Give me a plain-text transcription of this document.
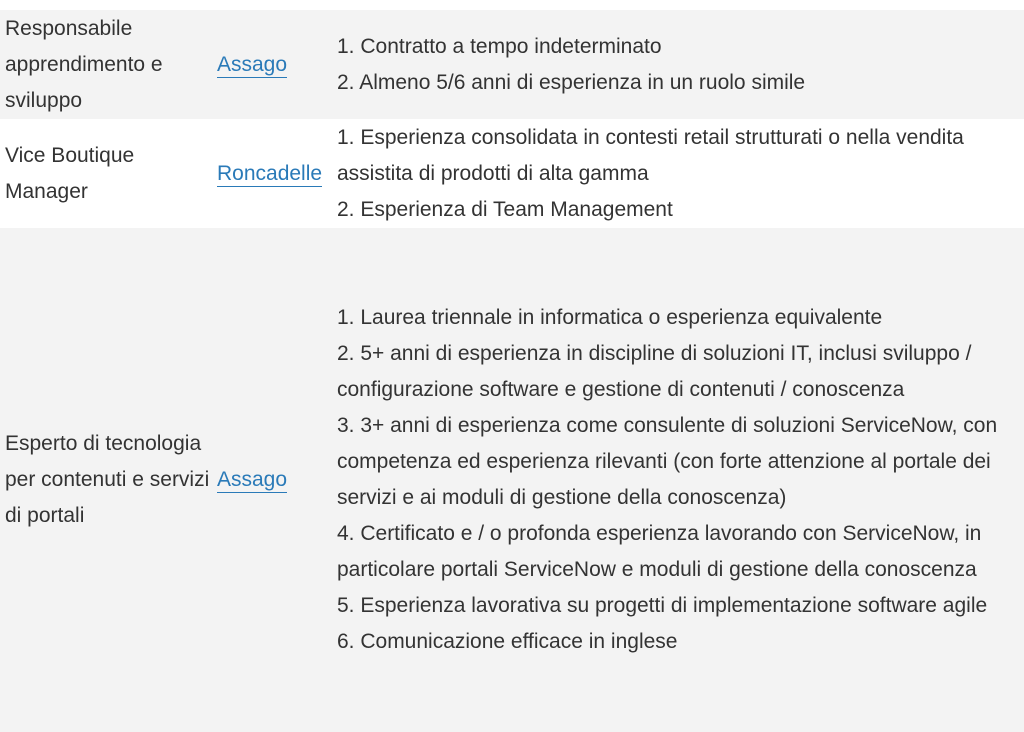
Responsabile apprendimento e sviluppo
Assago
1. Contratto a tempo indeterminato
2. Almeno 5/6 anni di esperienza in un ruolo simile
Vice Boutique Manager
Roncadelle
1. Esperienza consolidata in contesti retail strutturati o nella vendita assistita di prodotti di alta gamma
2. Esperienza di Team Management
Esperto di tecnologia per contenuti e servizi di portali
Assago
1. Laurea triennale in informatica o esperienza equivalente
2. 5+ anni di esperienza in discipline di soluzioni IT, inclusi sviluppo / configurazione software e gestione di contenuti / conoscenza
3. 3+ anni di esperienza come consulente di soluzioni ServiceNow, con competenza ed esperienza rilevanti (con forte attenzione al portale dei servizi e ai moduli di gestione della conoscenza)
4. Certificato e / o profonda esperienza lavorando con ServiceNow, in particolare portali ServiceNow e moduli di gestione della conoscenza
5. Esperienza lavorativa su progetti di implementazione software agile
6. Comunicazione efficace in inglese
